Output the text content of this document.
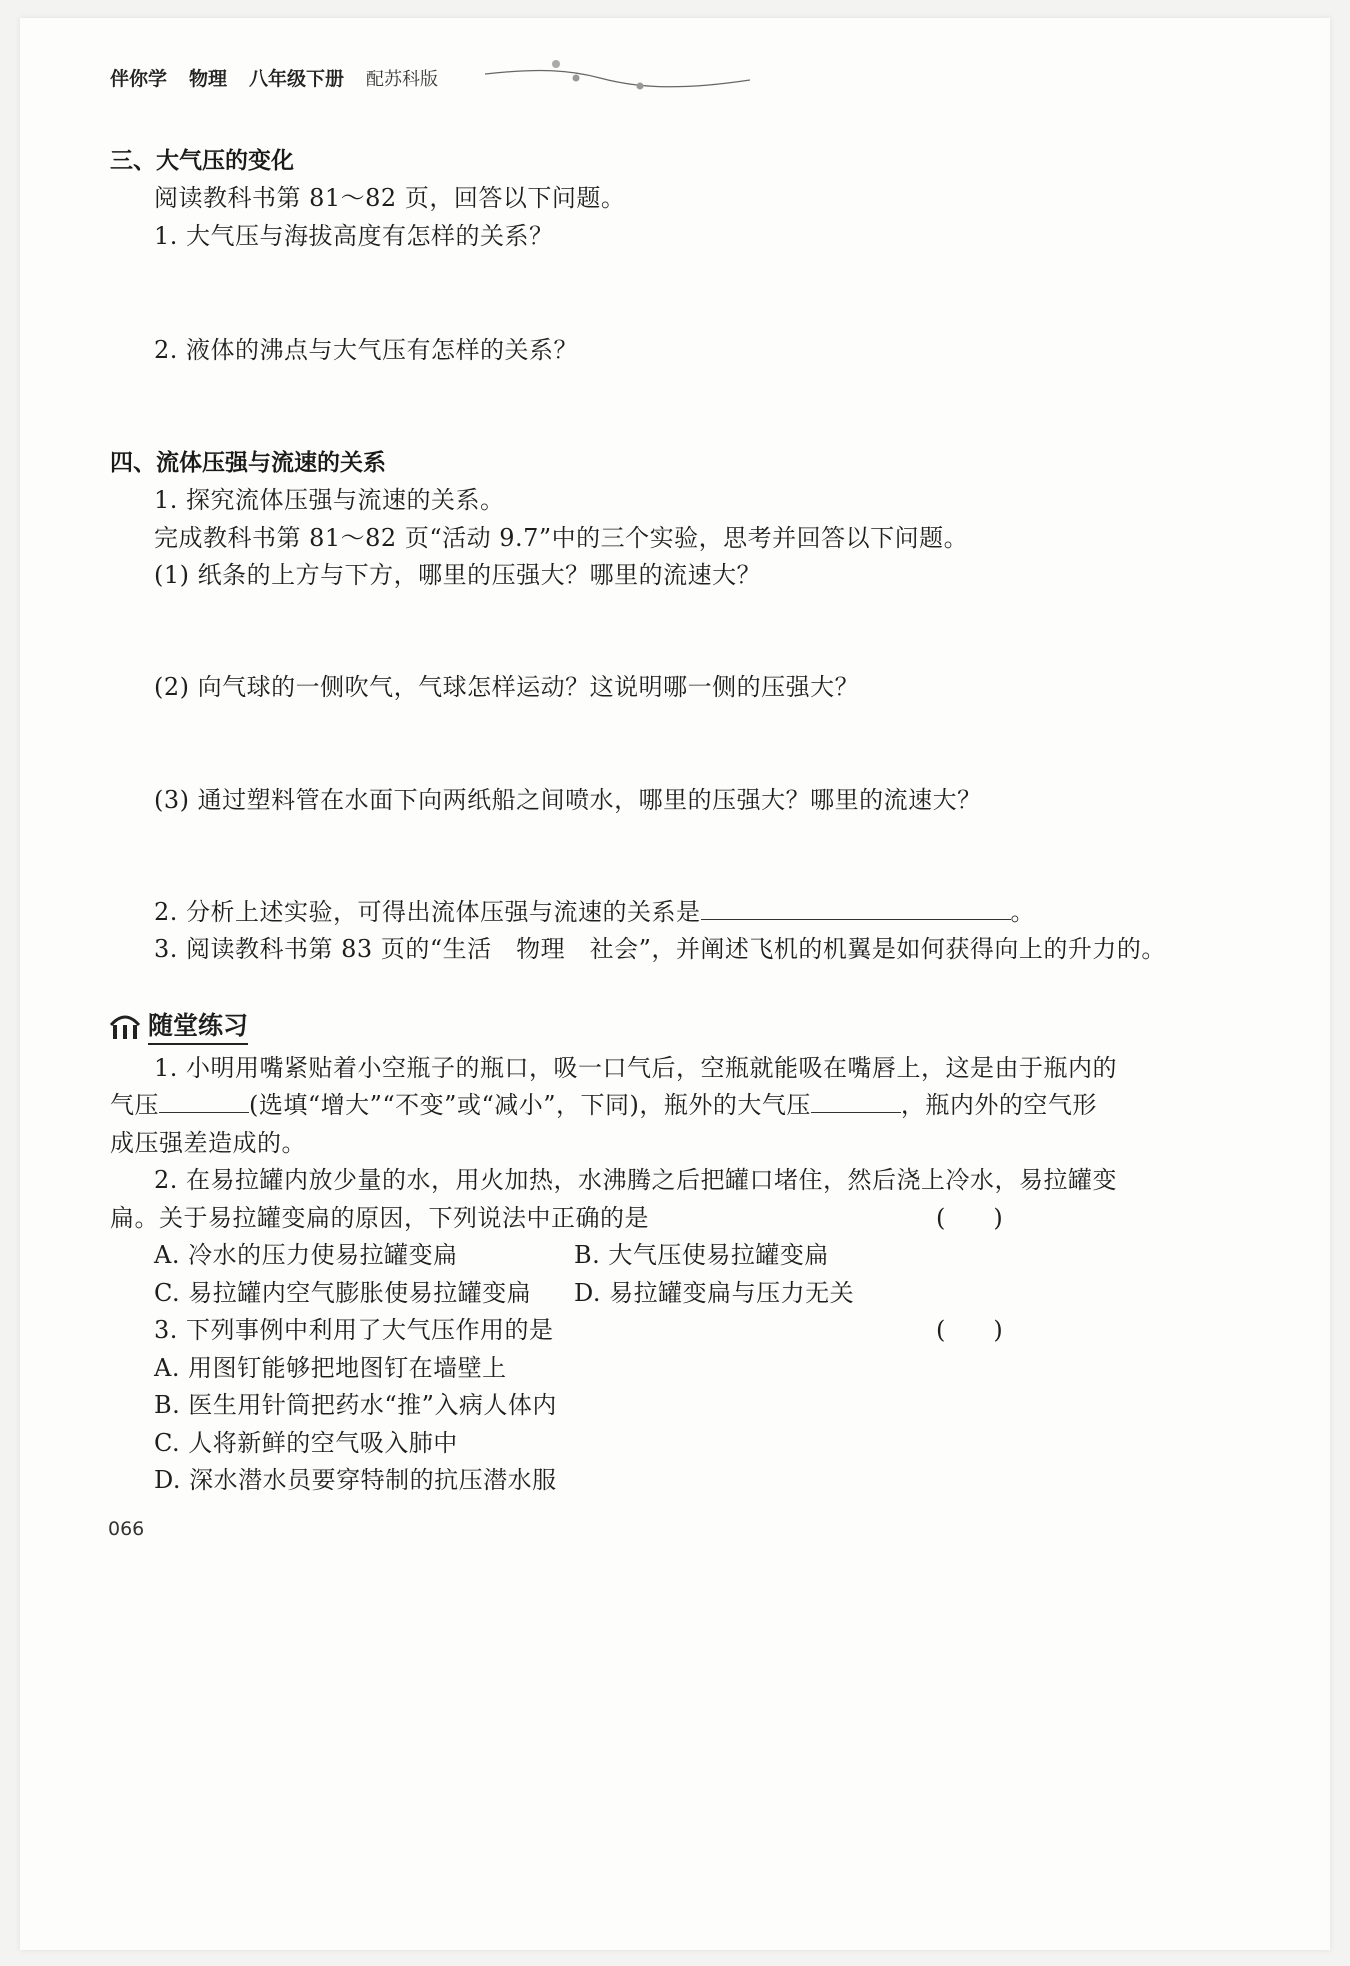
伴你学 物理 八年级下册 配苏科版
三、大气压的变化
阅读教科书第 81～82 页，回答以下问题。
1. 大气压与海拔高度有怎样的关系？
2. 液体的沸点与大气压有怎样的关系？
四、流体压强与流速的关系
1. 探究流体压强与流速的关系。
完成教科书第 81～82 页“活动 9.7”中的三个实验，思考并回答以下问题。
(1) 纸条的上方与下方，哪里的压强大？哪里的流速大？
(2) 向气球的一侧吹气，气球怎样运动？这说明哪一侧的压强大？
(3) 通过塑料管在水面下向两纸船之间喷水，哪里的压强大？哪里的流速大？
2. 分析上述实验，可得出流体压强与流速的关系是	。
3. 阅读教科书第 83 页的“生活　物理　社会”，并阐述飞机的机翼是如何获得向上的升力的。
随堂练习
1. 小明用嘴紧贴着小空瓶子的瓶口，吸一口气后，空瓶就能吸在嘴唇上，这是由于瓶内的
气压	(选填“增大”“不变”或“减小”，下同)，瓶外的大气压	，瓶内外的空气形
成压强差造成的。
2. 在易拉罐内放少量的水，用火加热，水沸腾之后把罐口堵住，然后浇上冷水，易拉罐变
扁。关于易拉罐变扁的原因，下列说法中正确的是	(　　)
A. 冷水的压力使易拉罐变扁	B. 大气压使易拉罐变扁
C. 易拉罐内空气膨胀使易拉罐变扁 D. 易拉罐变扁与压力无关
3. 下列事例中利用了大气压作用的是	(　　)
A. 用图钉能够把地图钉在墙壁上
B. 医生用针筒把药水“推”入病人体内
C. 人将新鲜的空气吸入肺中
D. 深水潜水员要穿特制的抗压潜水服
066
